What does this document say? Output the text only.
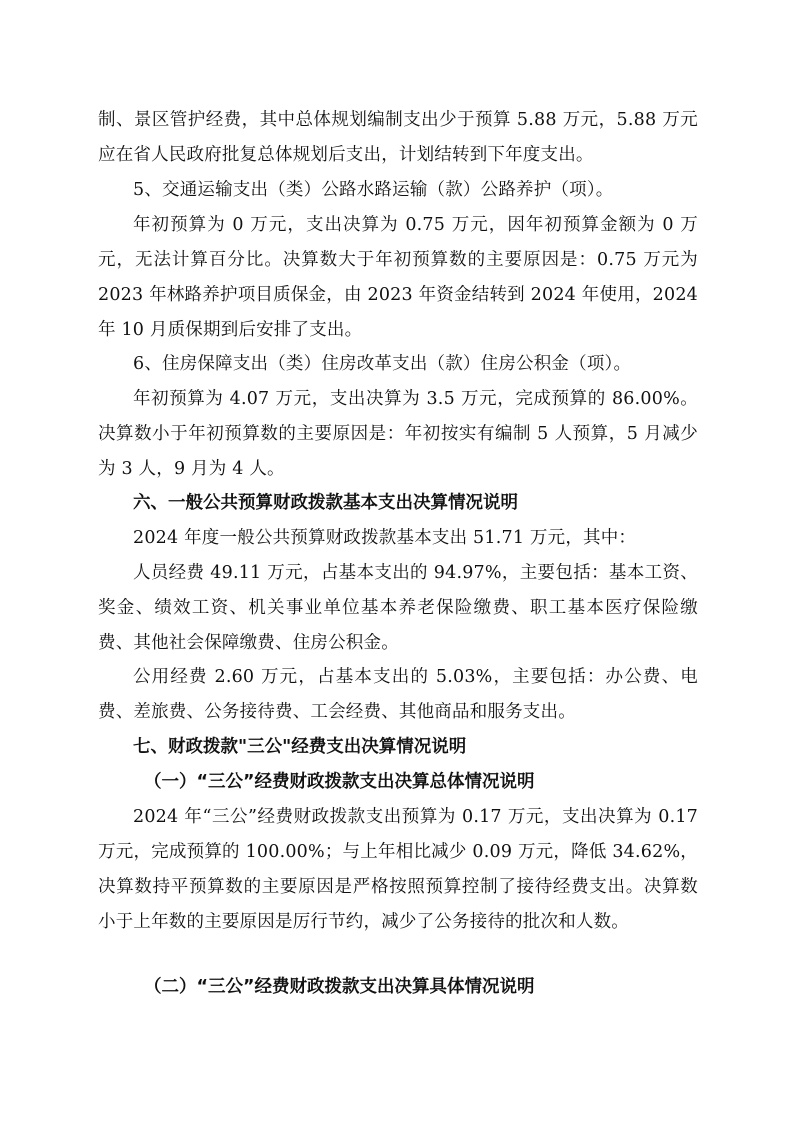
制、景区管护经费，其中总体规划编制支出少于预算 5.88 万元，5.88 万元应在省人民政府批复总体规划后支出，计划结转到下年度支出。

5、交通运输支出（类）公路水路运输（款）公路养护（项）。

年初预算为 0 万元，支出决算为 0.75 万元，因年初预算金额为 0 万元，无法计算百分比。决算数大于年初预算数的主要原因是：0.75 万元为 2023 年林路养护项目质保金，由 2023 年资金结转到 2024 年使用，2024 年 10 月质保期到后安排了支出。

6、住房保障支出（类）住房改革支出（款）住房公积金（项）。

年初预算为 4.07 万元，支出决算为 3.5 万元，完成预算的 86.00%。决算数小于年初预算数的主要原因是：年初按实有编制 5 人预算，5 月减少为 3 人，9 月为 4 人。

六、一般公共预算财政拨款基本支出决算情况说明

2024 年度一般公共预算财政拨款基本支出 51.71 万元，其中：

人员经费 49.11 万元，占基本支出的 94.97%，主要包括：基本工资、奖金、绩效工资、机关事业单位基本养老保险缴费、职工基本医疗保险缴费、其他社会保障缴费、住房公积金。

公用经费 2.60 万元，占基本支出的 5.03%，主要包括：办公费、电费、差旅费、公务接待费、工会经费、其他商品和服务支出。

七、财政拨款"三公"经费支出决算情况说明
（一）“三公”经费财政拨款支出决算总体情况说明

2024 年“三公”经费财政拨款支出预算为 0.17 万元，支出决算为 0.17 万元，完成预算的 100.00%；与上年相比减少 0.09 万元，降低 34.62%，决算数持平预算数的主要原因是严格按照预算控制了接待经费支出。决算数小于上年数的主要原因是厉行节约，减少了公务接待的批次和人数。

（二）“三公”经费财政拨款支出决算具体情况说明
